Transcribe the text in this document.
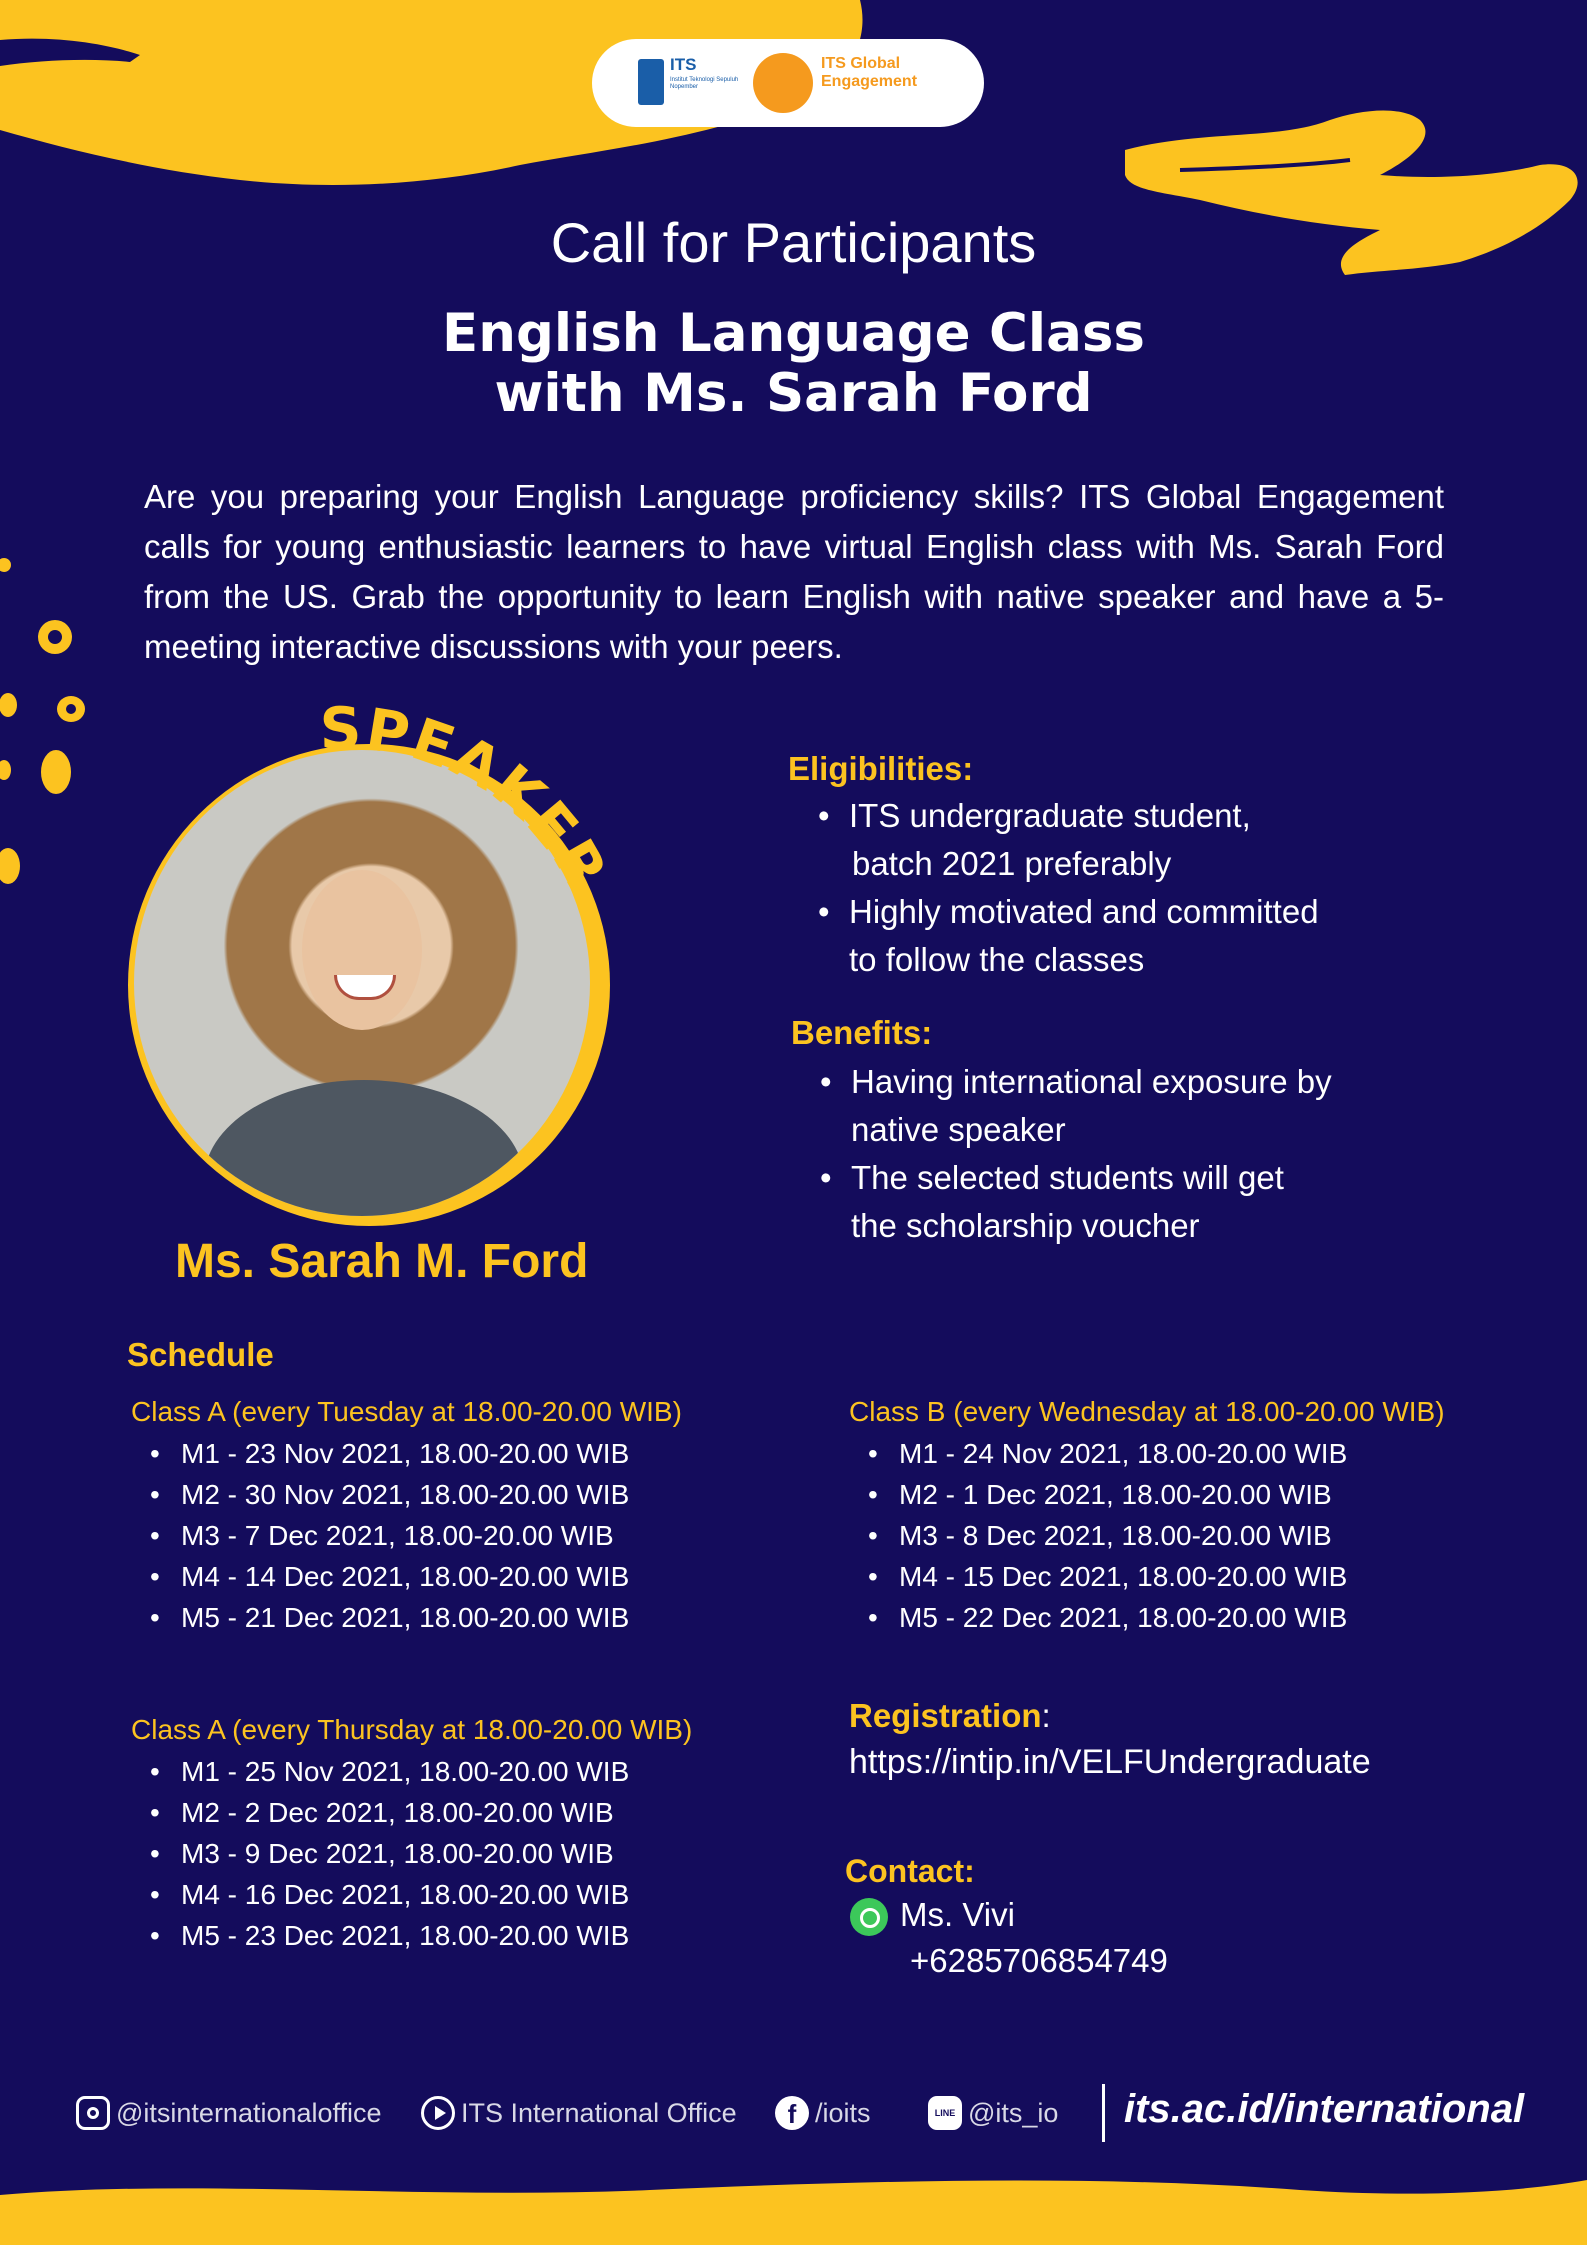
ITS
Institut Teknologi Sepuluh Nopember
ITS Global Engagement
Call for Participants
English Language Class
with Ms. Sarah Ford
Are you preparing your English Language proficiency skills? ITS Global Engagement calls for young enthusiastic learners to have virtual English class with Ms. Sarah Ford from the US. Grab the opportunity to learn English with native speaker and have a 5-meeting interactive discussions with your peers.
SPEAKER
Ms. Sarah M. Ford
Eligibilities:
• ITS undergraduate student,
batch 2021 preferably
• Highly motivated and committed
to follow the classes
Benefits:
• Having international exposure by
native speaker
• The selected students will get
the scholarship voucher
Schedule
Class A (every Tuesday at 18.00-20.00 WIB)
• M1 - 23 Nov 2021, 18.00-20.00 WIB
• M2 - 30 Nov 2021, 18.00-20.00 WIB
• M3 - 7 Dec 2021, 18.00-20.00 WIB
• M4 - 14 Dec 2021, 18.00-20.00 WIB
• M5 - 21 Dec 2021, 18.00-20.00 WIB
Class B (every Wednesday at 18.00-20.00 WIB)
• M1 - 24 Nov 2021, 18.00-20.00 WIB
• M2 - 1 Dec 2021, 18.00-20.00 WIB
• M3 - 8 Dec 2021, 18.00-20.00 WIB
• M4 - 15 Dec 2021, 18.00-20.00 WIB
• M5 - 22 Dec 2021, 18.00-20.00 WIB
Class A (every Thursday at 18.00-20.00 WIB)
• M1 - 25 Nov 2021, 18.00-20.00 WIB
• M2 - 2 Dec 2021, 18.00-20.00 WIB
• M3 - 9 Dec 2021, 18.00-20.00 WIB
• M4 - 16 Dec 2021, 18.00-20.00 WIB
• M5 - 23 Dec 2021, 18.00-20.00 WIB
Registration:
https://intip.in/VELFUndergraduate
Contact:
Ms. Vivi
+6285706854749
@itsinternationaloffice	ITS International Office	f /ioits	LINE @its_io its.ac.id/international
